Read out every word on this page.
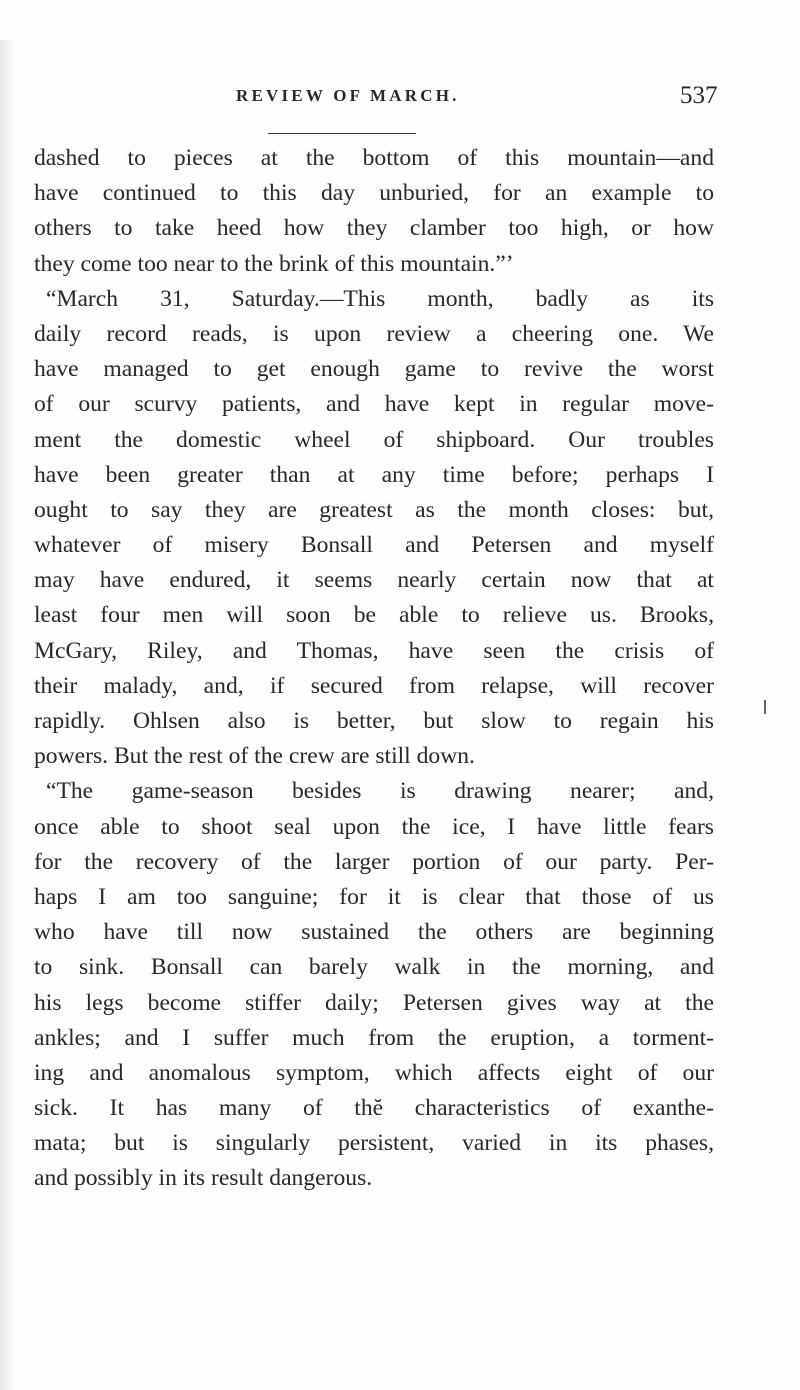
REVIEW OF MARCH.	537
dashed to pieces at the bottom of this mountain—and
have continued to this day unburied, for an example to
others to take heed how they clamber too high, or how
they come too near to the brink of this mountain.”’
“March 31, Saturday.—This month, badly as its
daily record reads, is upon review a cheering one. We
have managed to get enough game to revive the worst
of our scurvy patients, and have kept in regular move-
ment the domestic wheel of shipboard. Our troubles
have been greater than at any time before; perhaps I
ought to say they are greatest as the month closes: but,
whatever of misery Bonsall and Petersen and myself
may have endured, it seems nearly certain now that at
least four men will soon be able to relieve us. Brooks,
McGary, Riley, and Thomas, have seen the crisis of
their malady, and, if secured from relapse, will recover
rapidly. Ohlsen also is better, but slow to regain his
powers. But the rest of the crew are still down.
“The game-season besides is drawing nearer; and,
once able to shoot seal upon the ice, I have little fears
for the recovery of the larger portion of our party. Per-
haps I am too sanguine; for it is clear that those of us
who have till now sustained the others are beginning
to sink. Bonsall can barely walk in the morning, and
his legs become stiffer daily; Petersen gives way at the
ankles; and I suffer much from the eruption, a torment-
ing and anomalous symptom, which affects eight of our
sick. It has many of thĕ characteristics of exanthe-
mata; but is singularly persistent, varied in its phases,
and possibly in its result dangerous.
